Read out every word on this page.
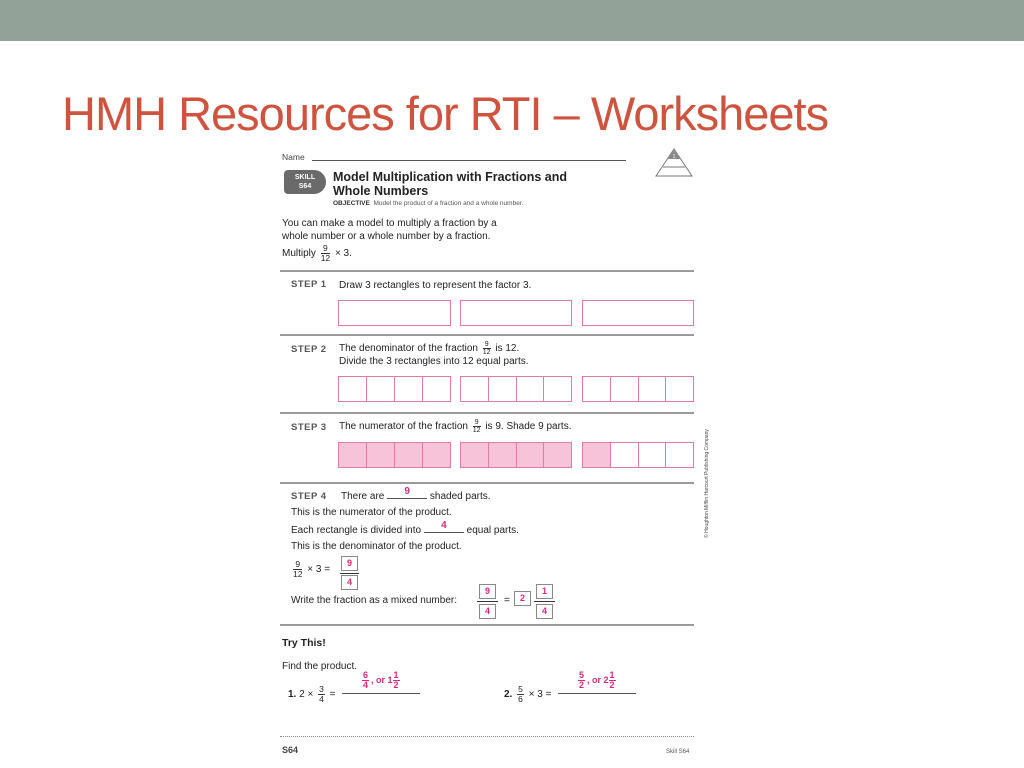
HMH Resources for RTI – Worksheets
Name
SKILL
S64
1
Model Multiplication with Fractions and
Whole Numbers
OBJECTIVE Model the product of a fraction and a whole number.
You can make a model to multiply a fraction by a
whole number or a whole number by a fraction.
Multiply $\frac{9}{12} \times 3$.
STEP 1 Draw 3 rectangles to represent the factor 3.
STEP 2 The denominator of the fraction $\frac{9}{12}$ is 12.
Divide the 3 rectangles into 12 equal parts.
STEP 3 The numerator of the fraction $\frac{9}{12}$ is 9. Shade 9 parts.
STEP 4 There are 9 shaded parts.
This is the numerator of the product.
Each rectangle is divided into 4 equal parts.
This is the denominator of the product.
$\frac{9}{12} \times 3$ =
9
4
Write the fraction as a mixed number:
9
4
=	2
1
4
Try This!
Find the product.
1. $2 \times \frac{3}{4}$ =
$\frac{6}{4}$ , or $1 \frac{1}{2}$
2. $\frac{5}{6} \times 3$ =
$\frac{5}{2}$ , or $2 \frac{1}{2}$
S64	Skill S64
© Houghton Mifflin Harcourt Publishing Company
